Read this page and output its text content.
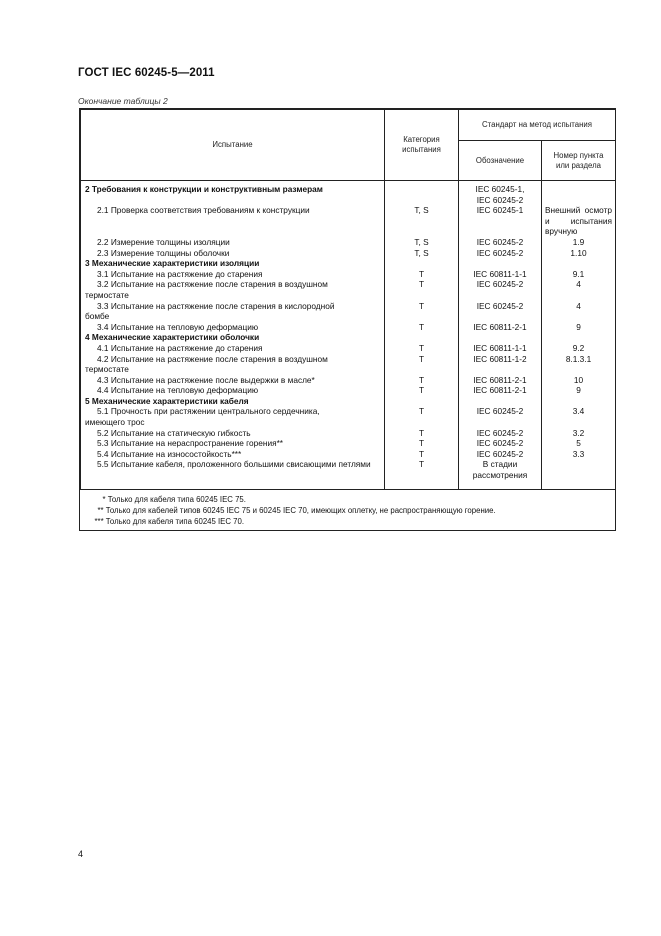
ГОСТ IEC 60245-5—2011
Окончание таблицы 2
Испытание	Категория испытания	Стандарт на метод испытания	
		Обозначение	Номер пункта или раздела
2 Требования к конструкции и конструктивным размерам		IEC 60245-1,	
		IEC 60245-2	
2.1 Проверка соответствия требованиям к конструкции	T, S	IEC 60245-1	Внешний осмотр и испытания вручную
2.2 Измерение толщины изоляции	T, S	IEC 60245-2	1.9
2.3 Измерение толщины оболочки	T, S	IEC 60245-2	1.10
3 Механические характеристики изоляции			
3.1 Испытание на растяжение до старения	T	IEC 60811-1-1	9.1
3.2 Испытание на растяжение после старения в воздушном	T	IEC 60245-2	4
термостате			
3.3 Испытание на растяжение после старения в кислородной	T	IEC 60245-2	4
бомбе			
3.4 Испытание на тепловую деформацию	T	IEC 60811-2-1	9
4 Механические характеристики оболочки			
4.1 Испытание на растяжение до старения	T	IEC 60811-1-1	9.2
4.2 Испытание на растяжение после старения в воздушном	T	IEC 60811-1-2	8.1.3.1
термостате			
4.3 Испытание на растяжение после выдержки в масле*	T	IEC 60811-2-1	10
4.4 Испытание на тепловую деформацию	T	IEC 60811-2-1	9
5 Механические характеристики кабеля			
5.1 Прочность при растяжении центрального сердечника,	T	IEC 60245-2	3.4
имеющего трос			
5.2 Испытание на статическую гибкость	T	IEC 60245-2	3.2
5.3 Испытание на нераспространение горения**	T	IEC 60245-2	5
5.4 Испытание на износостойкость***	T	IEC 60245-2	3.3
5.5 Испытание кабеля, проложенного большими свисающими петлями	T	В стадии рассмотрения	

* Только для кабеля типа 60245 IEC 75.
** Только для кабелей типов 60245 IEC 75 и 60245 IEC 70, имеющих оплетку, не распространяющую горение.
*** Только для кабеля типа 60245 IEC 70.			
4
